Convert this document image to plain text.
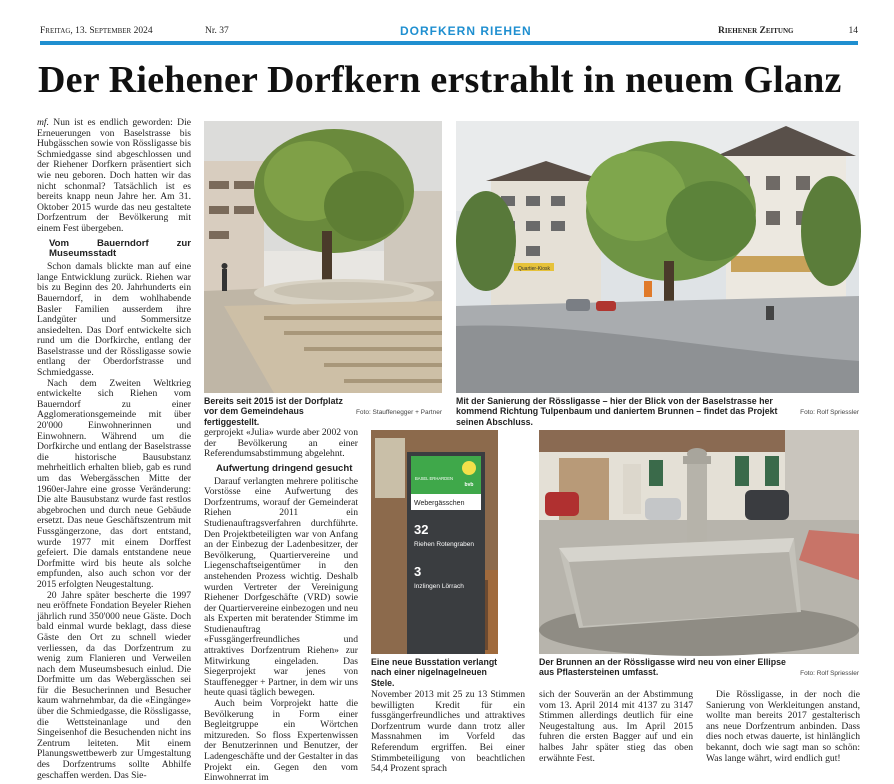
Freitag, 13. September 2024	Nr. 37	DORFKERN RIEHEN	Riehener Zeitung	14
Der Riehener Dorfkern erstrahlt in neuem Glanz

mf. Nun ist es endlich geworden: Die Erneuerungen von Baselstrasse bis Hubgässchen sowie von Rössligasse bis Schmiedgasse sind abgeschlossen und der Riehener Dorfkern präsentiert sich wie neu geboren. Doch hatten wir das nicht schonmal? Tatsächlich ist es bereits knapp neun Jahre her. Am 31. Oktober 2015 wurde das neu gestaltete Dorfzentrum der Bevölkerung mit einem Fest übergeben.

Vom Bauerndorf zur Museumsstadt

Schon damals blickte man auf eine lange Entwicklung zurück. Riehen war bis zu Beginn des 20. Jahrhunderts ein Bauerndorf, in dem wohlhabende Basler Familien ausserdem ihre Landgüter und Sommersitze ansiedelten. Das Dorf entwickelte sich rund um die Dorfkirche, entlang der Baselstrasse und der Rössligasse sowie entlang der Oberdorfstrasse und Schmiedgasse.

Nach dem Zweiten Weltkrieg entwickelte sich Riehen vom Bauerndorf zu einer Agglomerationsgemeinde mit über 20'000 Einwohnerinnen und Einwohnern. Während um die Dorfkirche und entlang der Baselstrasse die historische Bausubstanz mehrheitlich erhalten blieb, gab es rund um das Webergässchen Mitte der 1960er-Jahre eine grosse Veränderung: Die alte Bausubstanz wurde fast restlos abgebrochen und durch neue Gebäude ersetzt. Das neue Geschäftszentrum mit Fussgängerzone, das dort entstand, wurde 1977 mit einem Dorffest gefeiert. Die damals entstandene neue Dorfmitte wird bis heute als solche empfunden, also auch schon vor der 2015 erfolgten Neugestaltung.

20 Jahre später bescherte die 1997 neu eröffnete Fondation Beyeler Riehen jährlich rund 350'000 neue Gäste. Doch bald einmal wurde beklagt, dass diese Gäste den Ort zu schnell wieder verliessen, da das Dorfzentrum zu wenig zum Flanieren und Verweilen nach dem Museumsbesuch einlud. Die Dorfmitte um das Webergässchen sei für die Besucherinnen und Besucher kaum wahrnehmbar, da die «Eingänge» über die Schmiedgasse, die Rössligasse, die Wettsteinanlage und den Singeisenhof die Besuchenden nicht ins Zentrum leiteten. Mit einem Planungswettbewerb zur Umgestaltung des Dorfzentrums sollte Abhilfe geschaffen werden. Das Sie-

Foto: Stauffenegger + Partner
Bereits seit 2015 ist der Dorfplatz vor dem Gemeindehaus fertiggestellt.
Quartier-Kiosk
Foto: Rolf Spriessler
Mit der Sanierung der Rössligasse – hier der Blick von der Baselstrasse her kommend Richtung Tulpenbaum und daniertem Brunnen – findet das Projekt seinen Abschluss.

gerprojekt «Julia» wurde aber 2002 von der Bevölkerung an einer Referendumsabstimmung abgelehnt.

Aufwertung dringend gesucht

Darauf verlangten mehrere politische Vorstösse eine Aufwertung des Dorfzentrums, worauf der Gemeinderat Riehen 2011 ein Studienauftragsverfahren durchführte. Den Projektbeteiligten war von Anfang an der Einbezug der Ladenbesitzer, der Bevölkerung, Quartiervereine und Liegenschaftseigentümer in den anstehenden Prozess wichtig. Deshalb wurden Vertreter der Vereinigung Riehener Dorfgeschäfte (VRD) sowie der Quartiervereine einbezogen und neu als Experten mit beratender Stimme im Studienauftrag «Fussgängerfreundliches und attraktives Dorfzentrum Riehen» zur Mitwirkung eingeladen. Das Siegerprojekt war jenes von Stauffenegger + Partner, in dem wir uns heute quasi täglich bewegen.

Auch beim Vorprojekt hatte die Bevölkerung in Form einer Begleitgruppe ein Wörtchen mitzureden. So floss Expertenwissen der Benutzerinnen und Benutzer, der Ladengeschäfte und der Gestalter in das Projekt ein. Gegen den vom Einwohnerrat im

BASEL ERHARDEN
bvb
Webergässchen
32
Riehen Rotengraben
3
Inzlingen Lörrach
Eine neue Busstation verlangt nach einer nigelnagelneuen Stele.
Foto: Rolf Spriessler
Der Brunnen an der Rössligasse wird neu von einer Ellipse aus Pflastersteinen umfasst.

November 2013 mit 25 zu 13 Stimmen bewilligten Kredit für ein fussgängerfreundliches und attraktives Dorfzentrum wurde dann trotz aller Massnahmen im Vorfeld das Referendum ergriffen. Bei einer Stimmbeteiligung von beachtlichen 54,4 Prozent sprach

sich der Souverän an der Abstimmung vom 13. April 2014 mit 4137 zu 3147 Stimmen allerdings deutlich für eine Neugestaltung aus. Im April 2015 fuhren die ersten Bagger auf und ein halbes Jahr später stieg das oben erwähnte Fest.

Die Rössligasse, in der noch die Sanierung von Werkleitungen anstand, wollte man bereits 2017 gestalterisch ans neue Dorfzentrum anbinden. Dass dies noch etwas dauerte, ist hinlänglich bekannt, doch wie sagt man so schön: Was lange währt, wird endlich gut!
